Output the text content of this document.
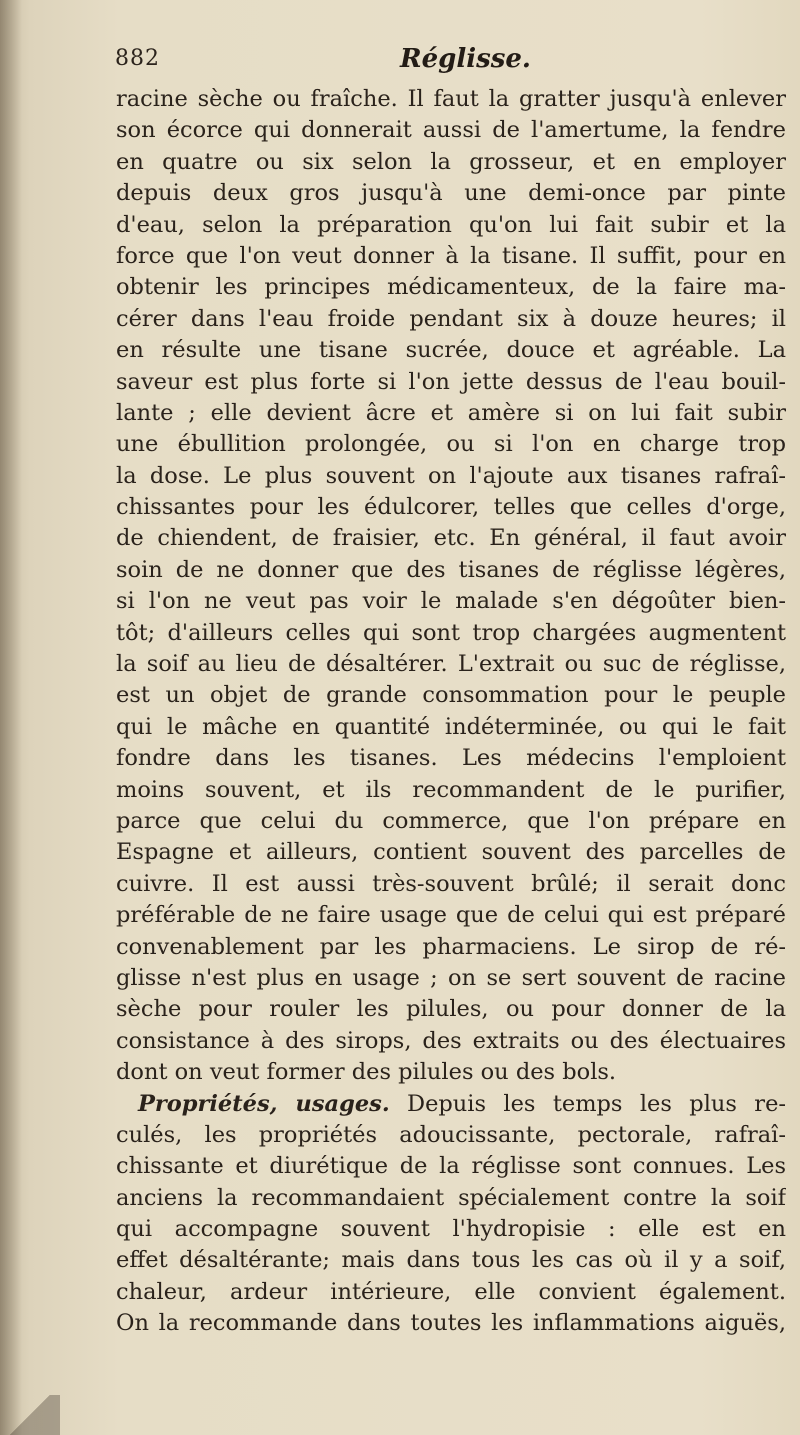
882	Réglisse.
racine sèche ou fraîche. Il faut la gratter jusqu'à enlever
son écorce qui donnerait aussi de l'amertume, la fendre
en quatre ou six selon la grosseur, et en employer
depuis deux gros jusqu'à une demi-once par pinte
d'eau, selon la préparation qu'on lui fait subir et la
force que l'on veut donner à la tisane. Il suffit, pour en
obtenir les principes médicamenteux, de la faire ma-
cérer dans l'eau froide pendant six à douze heures; il
en résulte une tisane sucrée, douce et agréable. La
saveur est plus forte si l'on jette dessus de l'eau bouil-
lante ; elle devient âcre et amère si on lui fait subir
une ébullition prolongée, ou si l'on en charge trop
la dose. Le plus souvent on l'ajoute aux tisanes rafraî-
chissantes pour les édulcorer, telles que celles d'orge,
de chiendent, de fraisier, etc. En général, il faut avoir
soin de ne donner que des tisanes de réglisse légères,
si l'on ne veut pas voir le malade s'en dégoûter bien-
tôt; d'ailleurs celles qui sont trop chargées augmentent
la soif au lieu de désaltérer. L'extrait ou suc de réglisse,
est un objet de grande consommation pour le peuple
qui le mâche en quantité indéterminée, ou qui le fait
fondre dans les tisanes. Les médecins l'emploient
moins souvent, et ils recommandent de le purifier,
parce que celui du commerce, que l'on prépare en
Espagne et ailleurs, contient souvent des parcelles de
cuivre. Il est aussi très-souvent brûlé; il serait donc
préférable de ne faire usage que de celui qui est préparé
convenablement par les pharmaciens. Le sirop de ré-
glisse n'est plus en usage ; on se sert souvent de racine
sèche pour rouler les pilules, ou pour donner de la
consistance à des sirops, des extraits ou des électuaires
dont on veut former des pilules ou des bols.
Propriétés, usages. Depuis les temps les plus re-
culés, les propriétés adoucissante, pectorale, rafraî-
chissante et diurétique de la réglisse sont connues. Les
anciens la recommandaient spécialement contre la soif
qui accompagne souvent l'hydropisie : elle est en
effet désaltérante; mais dans tous les cas où il y a soif,
chaleur, ardeur intérieure, elle convient également.
On la recommande dans toutes les inflammations aiguës,
